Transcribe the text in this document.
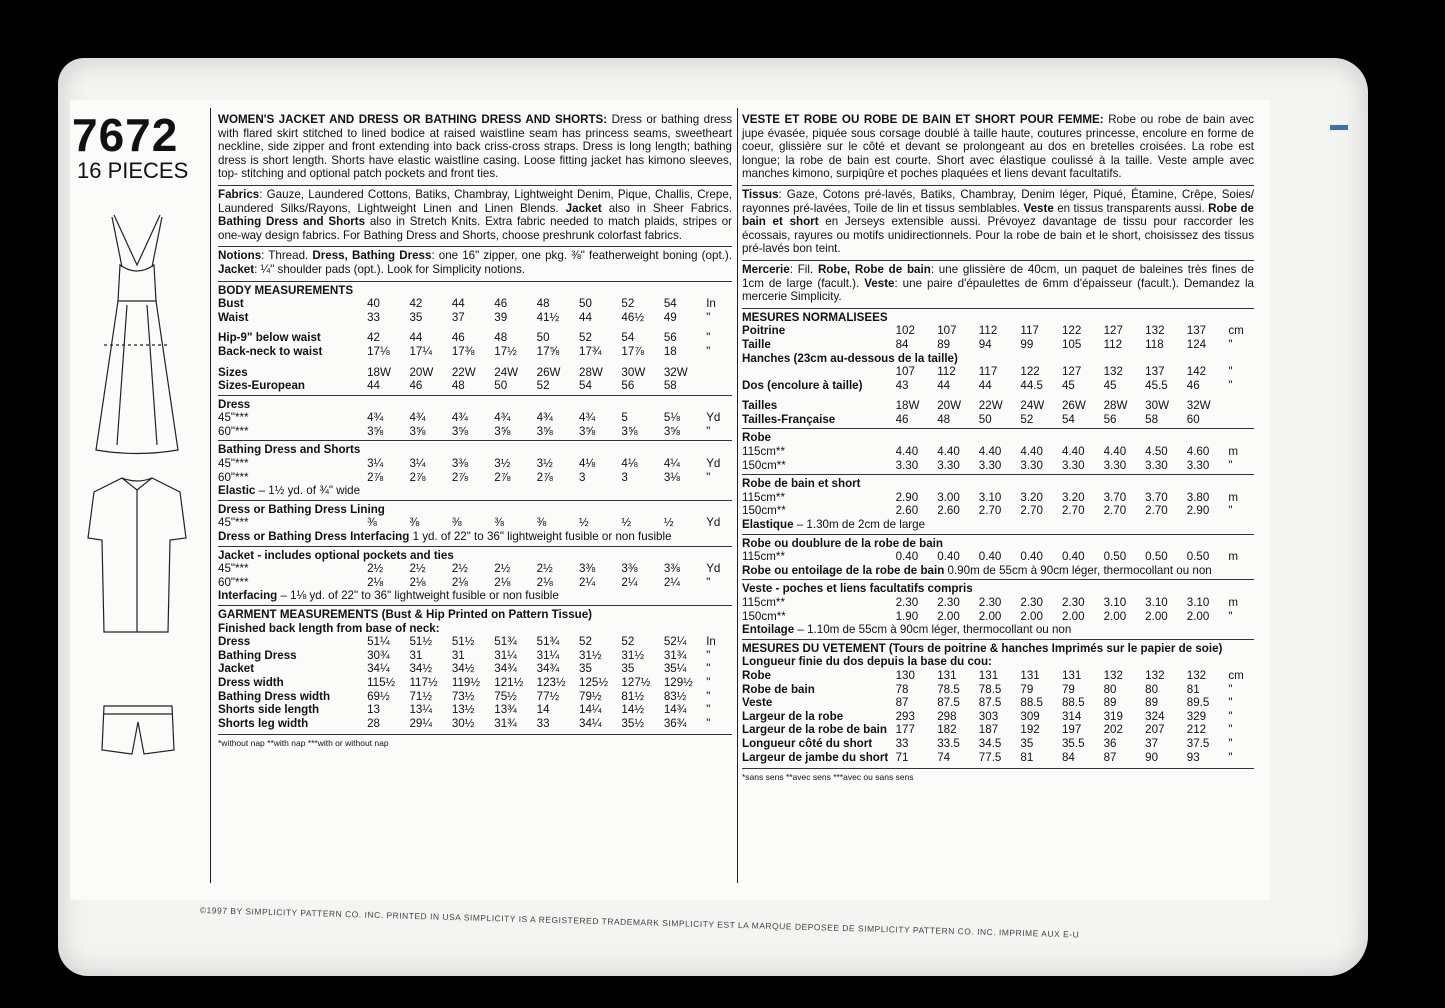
7672
16 PIECES

WOMEN'S JACKET AND DRESS OR BATHING DRESS AND SHORTS: Dress or bathing dress with flared skirt stitched to lined bodice at raised waistline seam has princess seams, sweetheart neckline, side zipper and front extending into back criss-cross straps. Dress is long length; bathing dress is short length. Shorts have elastic waistline casing. Loose fitting jacket has kimono sleeves, top- stitching and optional patch pockets and front ties.

Fabrics: Gauze, Laundered Cottons, Batiks, Chambray, Lightweight Denim, Pique, Challis, Crepe, Laundered Silks/Rayons, Lightweight Linen and Linen Blends. Jacket also in Sheer Fabrics. Bathing Dress and Shorts also in Stretch Knits. Extra fabric needed to match plaids, stripes or one-way design fabrics. For Bathing Dress and Shorts, choose preshrunk colorfast fabrics.

Notions: Thread. Dress, Bathing Dress: one 16" zipper, one pkg. ⅜" featherweight boning (opt.). Jacket: ¼" shoulder pads (opt.). Look for Simplicity notions.

BODY MEASUREMENTS
Bust	40	42	44	46	48	50	52	54	In
Waist	33	35	37	39	41½	44	46½	49	"
Hip-9" below waist	42	44	46	48	50	52	54	56	"
Back-neck to waist	17⅛	17¼	17⅜	17½	17⅝	17¾	17⅞	18	"
Sizes	18W	20W	22W	24W	26W	28W	30W	32W	
Sizes-European	44	46	48	50	52	54	56	58	
Dress
45"***	4¾	4¾	4¾	4¾	4¾	4¾	5	5⅛	Yd
60"***	3⅝	3⅝	3⅝	3⅝	3⅝	3⅝	3⅝	3⅝	"
Bathing Dress and Shorts
45"***	3¼	3¼	3⅜	3½	3½	4⅛	4⅛	4¼	Yd
60"***	2⅞	2⅞	2⅞	2⅞	2⅞	3	3	3⅛	"
Elastic – 1½ yd. of ¾" wide
Dress or Bathing Dress Lining
45"***	⅜	⅜	⅜	⅜	⅜	½	½	½	Yd
Dress or Bathing Dress Interfacing 1 yd. of 22" to 36" lightweight fusible or non fusible
Jacket - includes optional pockets and ties
45"***	2½	2½	2½	2½	2½	3⅜	3⅜	3⅜	Yd
60"***	2⅛	2⅛	2⅛	2⅛	2⅛	2¼	2¼	2¼	"
Interfacing – 1⅛ yd. of 22" to 36" lightweight fusible or non fusible
GARMENT MEASUREMENTS (Bust & Hip Printed on Pattern Tissue)
Finished back length from base of neck:
Dress	51¼	51½	51½	51¾	51¾	52	52	52¼	In
Bathing Dress	30¾	31	31	31¼	31¼	31½	31½	31¾	"
Jacket	34¼	34½	34½	34¾	34¾	35	35	35¼	"
Dress width	115½	117½	119½	121½	123½	125½	127½	129½	"
Bathing Dress width	69½	71½	73½	75½	77½	79½	81½	83½	"
Shorts side length	13	13¼	13½	13¾	14	14¼	14½	14¾	"
Shorts leg width	28	29¼	30½	31¾	33	34¼	35½	36¾	"
*without nap **with nap ***with or without nap

VESTE ET ROBE OU ROBE DE BAIN ET SHORT POUR FEMME: Robe ou robe de bain avec jupe évasée, piquée sous corsage doublé à taille haute, coutures princesse, encolure en forme de coeur, glissière sur le côté et devant se prolongeant au dos en bretelles croisées. La robe est longue; la robe de bain est courte. Short avec élastique coulissé à la taille. Veste ample avec manches kimono, surpiqûre et poches plaquées et liens devant facultatifs.

Tissus: Gaze, Cotons pré-lavés, Batiks, Chambray, Denim léger, Piqué, Étamine, Crêpe, Soies/ rayonnes pré-lavées, Toile de lin et tissus semblables. Veste en tissus transparents aussi. Robe de bain et short en Jerseys extensible aussi. Prévoyez davantage de tissu pour raccorder les écossais, rayures ou motifs unidirectionnels. Pour la robe de bain et le short, choisissez des tissus pré-lavés bon teint.

Mercerie: Fil. Robe, Robe de bain: une glissière de 40cm, un paquet de baleines très fines de 1cm de large (facult.). Veste: une paire d'épaulettes de 6mm d'épaisseur (facult.). Demandez la mercerie Simplicity.

MESURES NORMALISEES
Poitrine	102	107	112	117	122	127	132	137	cm
Taille	84	89	94	99	105	112	118	124	"
Hanches (23cm au-dessous de la taille)
	107	112	117	122	127	132	137	142	"
Dos (encolure à taille)	43	44	44	44.5	45	45	45.5	46	"
Tailles	18W	20W	22W	24W	26W	28W	30W	32W	
Tailles-Française	46	48	50	52	54	56	58	60	
Robe
115cm**	4.40	4.40	4.40	4.40	4.40	4.40	4.50	4.60	m
150cm**	3.30	3.30	3.30	3.30	3.30	3.30	3.30	3.30	"
Robe de bain et short
115cm**	2.90	3.00	3.10	3.20	3.20	3.70	3.70	3.80	m
150cm**	2.60	2.60	2.70	2.70	2.70	2.70	2.70	2.90	"
Elastique – 1.30m de 2cm de large
Robe ou doublure de la robe de bain
115cm**	0.40	0.40	0.40	0.40	0.40	0.50	0.50	0.50	m
Robe ou entoilage de la robe de bain 0.90m de 55cm à 90cm léger, thermocollant ou non
Veste - poches et liens facultatifs compris
115cm**	2.30	2.30	2.30	2.30	2.30	3.10	3.10	3.10	m
150cm**	1.90	2.00	2.00	2.00	2.00	2.00	2.00	2.00	"
Entoilage – 1.10m de 55cm à 90cm léger, thermocollant ou non
MESURES DU VETEMENT (Tours de poitrine & hanches Imprimés sur le papier de soie)
Longueur finie du dos depuis la base du cou:
Robe	130	131	131	131	131	132	132	132	cm
Robe de bain	78	78.5	78.5	79	79	80	80	81	"
Veste	87	87.5	87.5	88.5	88.5	89	89	89.5	"
Largeur de la robe	293	298	303	309	314	319	324	329	"
Largeur de la robe de bain	177	182	187	192	197	202	207	212	"
Longueur côté du short	33	33.5	34.5	35	35.5	36	37	37.5	"
Largeur de jambe du short	71	74	77.5	81	84	87	90	93	"
*sans sens **avec sens ***avec ou sans sens
©1997 BY SIMPLICITY PATTERN CO. INC. PRINTED IN USA SIMPLICITY IS A REGISTERED TRADEMARK SIMPLICITY EST LA MARQUE DEPOSEE DE SIMPLICITY PATTERN CO. INC. IMPRIME AUX E-U
